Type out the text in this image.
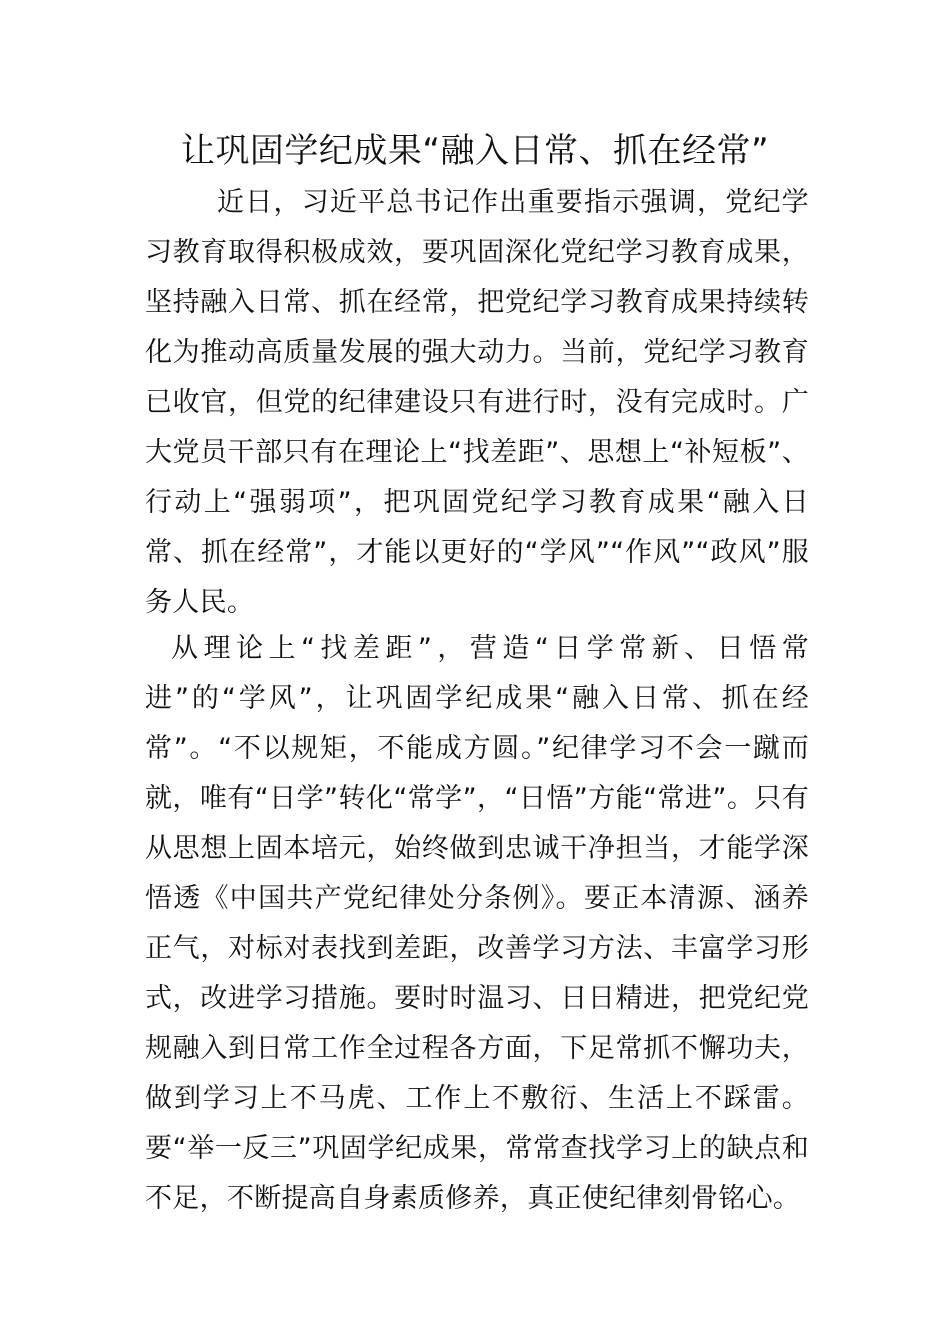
让巩固学纪成果“融入日常、抓在经常”

近日，习近平总书记作出重要指示强调，党纪学习教育取得积极成效，要巩固深化党纪学习教育成果，坚持融入日常、抓在经常，把党纪学习教育成果持续转化为推动高质量发展的强大动力。当前，党纪学习教育已收官，但党的纪律建设只有进行时，没有完成时。广大党员干部只有在理论上“找差距”、思想上“补短板”、行动上“强弱项”，把巩固党纪学习教育成果“融入日常、抓在经常”，才能以更好的“学风”“作风”“政风”服务人民。

从理论上“找差距”，营造“日学常新、日悟常进”的“学风”，让巩固学纪成果“融入日常、抓在经常”。“不以规矩，不能成方圆。”纪律学习不会一蹴而就，唯有“日学”转化“常学”，“日悟”方能“常进”。只有从思想上固本培元，始终做到忠诚干净担当，才能学深悟透《中国共产党纪律处分条例》。要正本清源、涵养正气，对标对表找到差距，改善学习方法、丰富学习形式，改进学习措施。要时时温习、日日精进，把党纪党规融入到日常工作全过程各方面，下足常抓不懈功夫，做到学习上不马虎、工作上不敷衍、生活上不踩雷。要“举一反三”巩固学纪成果，常常查找学习上的缺点和不足，不断提高自身素质修养，真正使纪律刻骨铭心。
